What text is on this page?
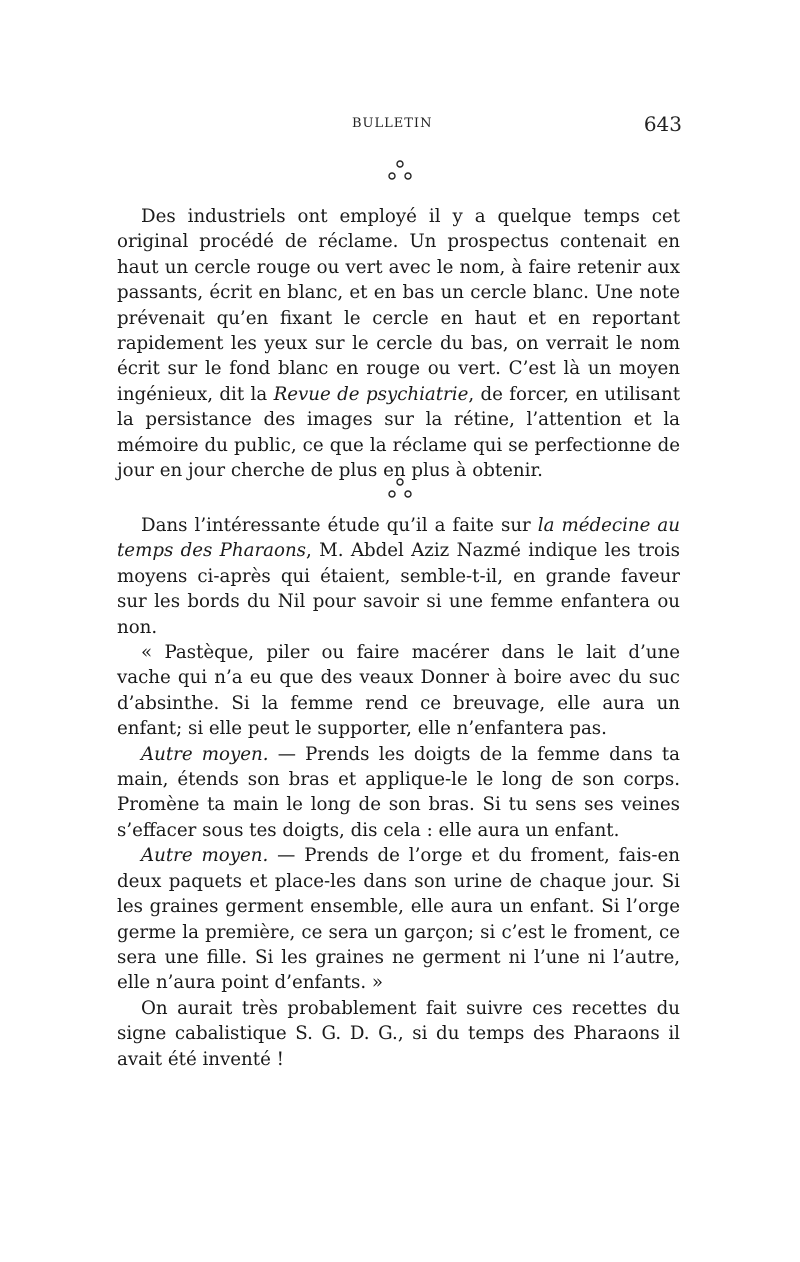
BULLETIN	643

Des industriels ont employé il y a quelque temps cet original procédé de réclame. Un prospectus contenait en haut un cercle rouge ou vert avec le nom, à faire retenir aux passants, écrit en blanc, et en bas un cercle blanc. Une note prévenait qu’en fixant le cercle en haut et en reportant rapidement les yeux sur le cercle du bas, on verrait le nom écrit sur le fond blanc en rouge ou vert. C’est là un moyen ingénieux, dit la Revue de psychiatrie, de forcer, en utilisant la persistance des images sur la rétine, l’attention et la mémoire du public, ce que la réclame qui se perfectionne de jour en jour cherche de plus en plus à obtenir.

Dans l’intéressante étude qu’il a faite sur la médecine au temps des Pharaons, M. Abdel Aziz Nazmé indique les trois moyens ci-après qui étaient, semble-t-il, en grande faveur sur les bords du Nil pour savoir si une femme enfantera ou non.

« Pastèque, piler ou faire macérer dans le lait d’une vache qui n’a eu que des veaux Donner à boire avec du suc d’absinthe. Si la femme rend ce breuvage, elle aura un enfant; si elle peut le supporter, elle n’enfantera pas.

Autre moyen. — Prends les doigts de la femme dans ta main, étends son bras et applique-le le long de son corps. Promène ta main le long de son bras. Si tu sens ses veines s’effacer sous tes doigts, dis cela : elle aura un enfant.

Autre moyen. — Prends de l’orge et du froment, fais-en deux paquets et place-les dans son urine de chaque jour. Si les graines germent ensemble, elle aura un enfant. Si l’orge germe la première, ce sera un garçon; si c’est le froment, ce sera une fille. Si les graines ne germent ni l’une ni l’autre, elle n’aura point d’enfants. »

On aurait très probablement fait suivre ces recettes du signe cabalistique S. G. D. G., si du temps des Pharaons il avait été inventé !
